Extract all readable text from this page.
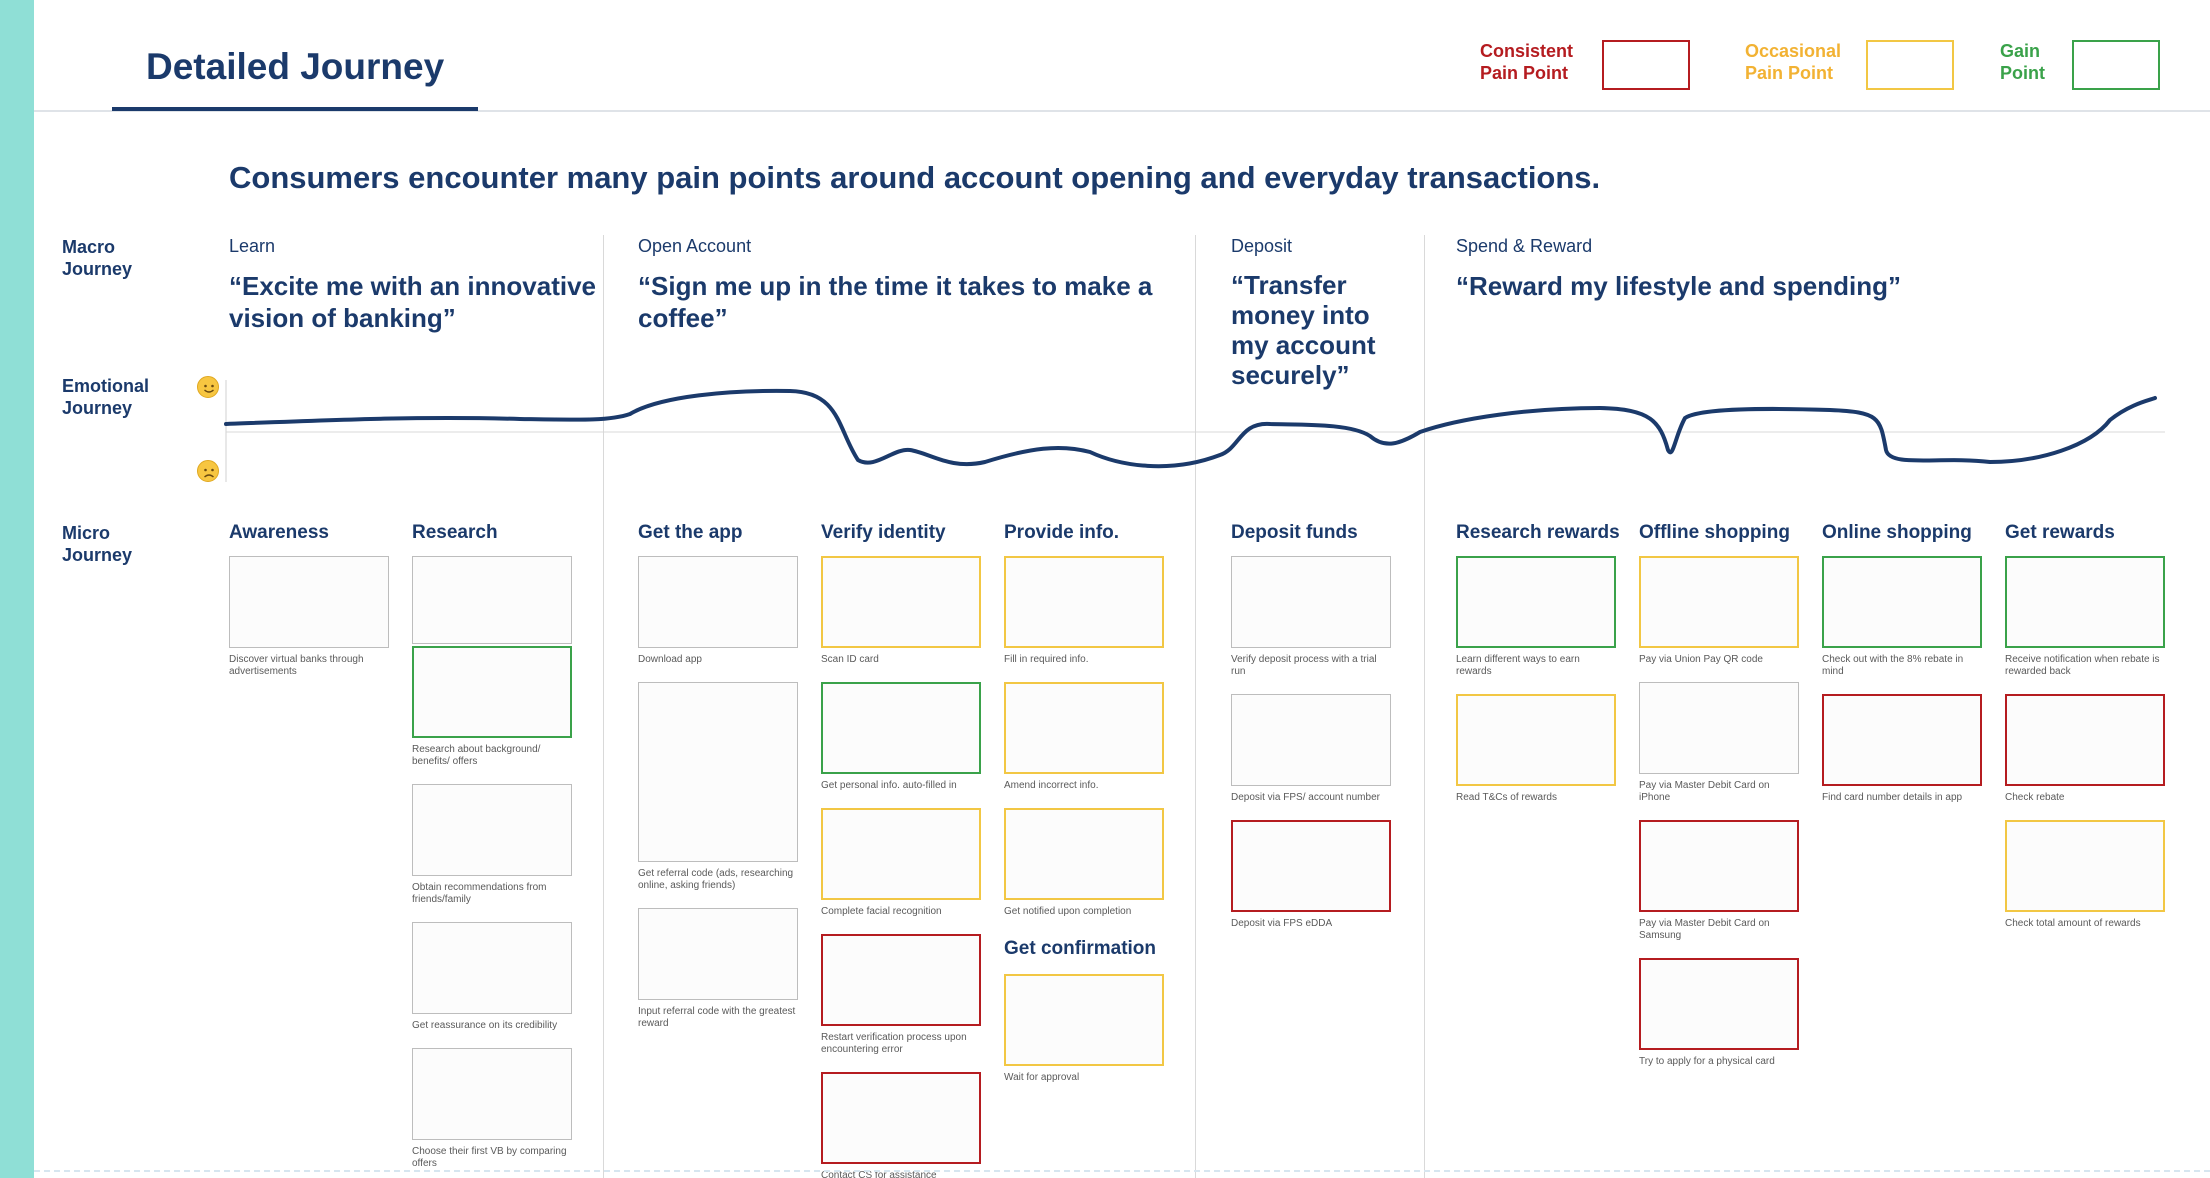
Detailed Journey	Consistent
Pain Point
Occasional
Pain Point
Gain
Point
Consumers encounter many pain points around account opening and everyday transactions.
Macro
Journey
Emotional
Journey
Micro
Journey
Learn
“Excite me with an innovative vision of banking”
Open Account
“Sign me up in the time it takes to make a coffee”
Deposit
“Transfer money into my account securely”
Spend & Reward
“Reward my lifestyle and spending”
Awareness
Discover virtual banks through advertisements
Research
Research about background/ benefits/ offers
Obtain recommendations from friends/family
Get reassurance on its credibility
Choose their first VB by comparing offers
Get the app
Download app
Get referral code (ads, researching online, asking friends)
Input referral code with the greatest reward
Verify identity
Scan ID card
Get personal info. auto-filled in
Complete facial recognition
Restart verification process upon encountering error
Contact CS for assistance
Provide info.
Fill in required info.
Amend incorrect info.
Get notified upon completion
Get confirmation
Wait for approval
Deposit funds
Verify deposit process with a trial run
Deposit via FPS/ account number
Deposit via FPS eDDA
Research rewards
Learn different ways to earn rewards
Read T&Cs of rewards
Offline shopping
Pay via Union Pay QR code
Pay via Master Debit Card on iPhone
Pay via Master Debit Card on Samsung
Try to apply for a physical card
Online shopping
Check out with the 8% rebate in mind
Find card number details in app
Get rewards
Receive notification when rebate is rewarded back
Check rebate
Check total amount of rewards
